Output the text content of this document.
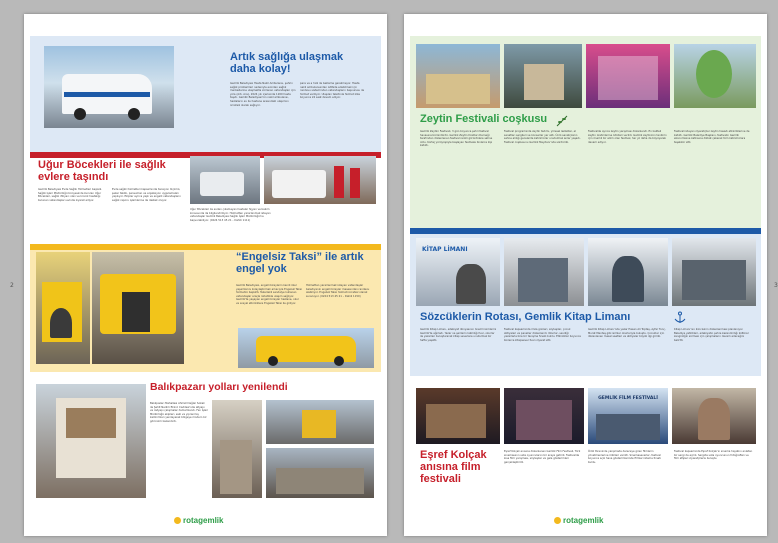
2
Artık sağlığa ulaşmak daha kolay!
Gemlik Belediyesi Hasta Nakil Ambulansı, şehrin sağlık problemleri nedeniyle evinden sağlık merkezlerine ulaşmakta zorlanan vatandaşları için yola çıktı. Araç, 2024 yılı içerisinde 1200 hasta taşıdı. Gemlik Belediyesi'nin nakil ambulansı, hastaların ev ile hastane arasındaki ulaşımını ücretsiz olarak sağlıyor.
para ve a hızlı ile bekleme gerekmeyor. Hasta nakil ambulansından istifade edebilmek için randevu sisteminden vatandaşların başvurusu ile hizmet veriliyor. Ulaşılan telefonla hizmet ülke boyunca 24 saat devam ediyor.
Uğur Böcekleri ile sağlık evlere taşındı
Gemlik Belediyesi Evde Sağlık Hizmetleri başladı. Sağlık Işleri Müdürlüğü bünyesinde kurulan Uğur Böcekleri, sağlık ihtiyacı olan ve kronik hastalığı bulunan vatandaşları evinde ziyaret ediyor.
Evde sağlık hizmetleri kapsamında tansiyon ölçümü, şeker takibi, pansuman ve enjeksiyon uygulamaları yapılıyor. Ekipler ayrıca yaşlı ve engelli vatandaşların sağlık raporu işlemlerine de destek oluyor.
Uğur Böcekleri ile evden çıkamayan hastalar hijyen ve bakım konusunda da bilgilendiriliyor. Hizmetten yararlanmak isteyen vatandaşlar Gemlik Belediyesi Sağlık İşleri Müdürlüğü'ne başvurabiliyor. (0224 513 45 21 – Dahili 1111)
“Engelsiz Taksi” ile artık engel yok
Gemlik Belediyesi, engelli bireylerin kendi özel yaşamlarını kolaylaştırmak amacıyla Engelsiz Taksi hizmetini başlattı. Tekerlekli sandalye kullanan vatandaşlar araçla rahatlıkla ulaşım sağlıyor. Gemlik'te yaşayan engelli bireyler hastane, okul ve sosyal etkinliklere Engelsiz Taksi ile gidiyor.
Hizmetten yararlanmak isteyen vatandaşlar belediyenin engelli bireyler masasından randevu alabiliyor. Engelsiz Taksi hizmeti ücretsiz olarak sunuluyor. (0224 513 45 21 – Dahili 1150)
Balıkpazarı yolları yenilendi
Balıkpazarı Mahallesi Ahmet Dağlar Sokak ile Şehit Nedim Ekinci Caddesi'nde altyapı ve üstyapı çalışmaları tamamlandı. Fen İşleri Müdürlüğü ekipleri, eski ve yıpranmış kaldırımları yenileyerek bölgeye modern bir görünüm kazandırdı.
rotagemlik
3
Zeytin Festivali coşkusu
Gemlik Zeytini Festivali, 3 gün boyunca şehri festival havasına büründürdü. Gemlik Zeytin Dostları Derneği tarafından düzenlenen festival renkli görüntülere sahne oldu. Kortej yürüyüşüyle başlayan festivale binlerce kişi katıldı.
Festival programında zeytin tadımı, yöresel lezzetler, el sanatları sergileri ve konserler yer aldı. Ünlü sanatçıların sahne aldığı gecelerde katılımcılar unutulmaz anlar yaşadı. Festival coşkusunu Gemlik Meydanı'nda sürdürdü.
Festivalde ayrıca zeytin yarışması düzenlendi. En kaliteli zeytin üreticilerine ödülleri verildi. Gemlik zeytininin tanıtımı için önemli bir adım olan festival, her yıl daha da büyüyerek devam ediyor.
Festivali izleyen ziyaretçiler zeytin hasadı etkinliklerine de katıldı. Gemlik Belediye Başkanı, festivalin Gemlik ekonomisine katkısına dikkat çekerek tüm katılımcılara teşekkür etti.
KİTAP LİMANI
Sözcüklerin Rotası, Gemlik Kitap Limanı
Gemlik Kitap Limanı, edebiyat dünyasının önemli isimlerini Gemlik'te ağırladı. Yazar ve şairlerin katıldığı fuar, okurlar ile yazarları buluşturarak kitap severlere unutulmaz bir hafta yaşattı.
Festival kapsamında imza günleri, söyleşiler, çocuk atölyeleri ve paneller düzenlendi. Okurlar, sevdiği yazarlarla bire bir tanışma fırsatı buldu. Etkinlikler boyunca binlerce kitapsever fuarı ziyaret etti.
Gemlik Kitap Limanı'nda yazar Hasan Ali Toptaş, Ayfer Tunç, Murat Menteş gibi isimler okurlarıyla buluştu. Çocuklar için düzenlenen masal saatleri ve atölyeler büyük ilgi gördü.
Kitap Limanı'nın ikincisinin düzenlenmesi planlanıyor. Belediye yetkilileri, edebiyatın şehre kazandırdığı kültürel zenginliğin sürmesi için çalışmaların devam edeceğini belirtti.
GEMLİK FİLM FESTİVALİ
Eşref Kolçak anısına film festivali
Eşref Kolçak anısına düzenlenen Gemlik Film Festivali, Türk sinemasının usta oyuncularını bir araya getirdi. Festivalde kısa film yarışması, söyleşiler ve gala gösterimleri gerçekleştirildi.
Ödül töreninde yarışmada dereceye giren filmlerin yönetmenlerine ödülleri verildi. Sinemaseverler, festival boyunca açık hava gösterimlerinde filmleri izleme fırsatı buldu.
Festival kapsamında Eşref Kolçak'ın sinema hayatını anlatan bir sergi de açıldı. Sergide usta oyuncunun fotoğrafları ve film afişleri ziyaretçilerle buluştu.
rotagemlik
